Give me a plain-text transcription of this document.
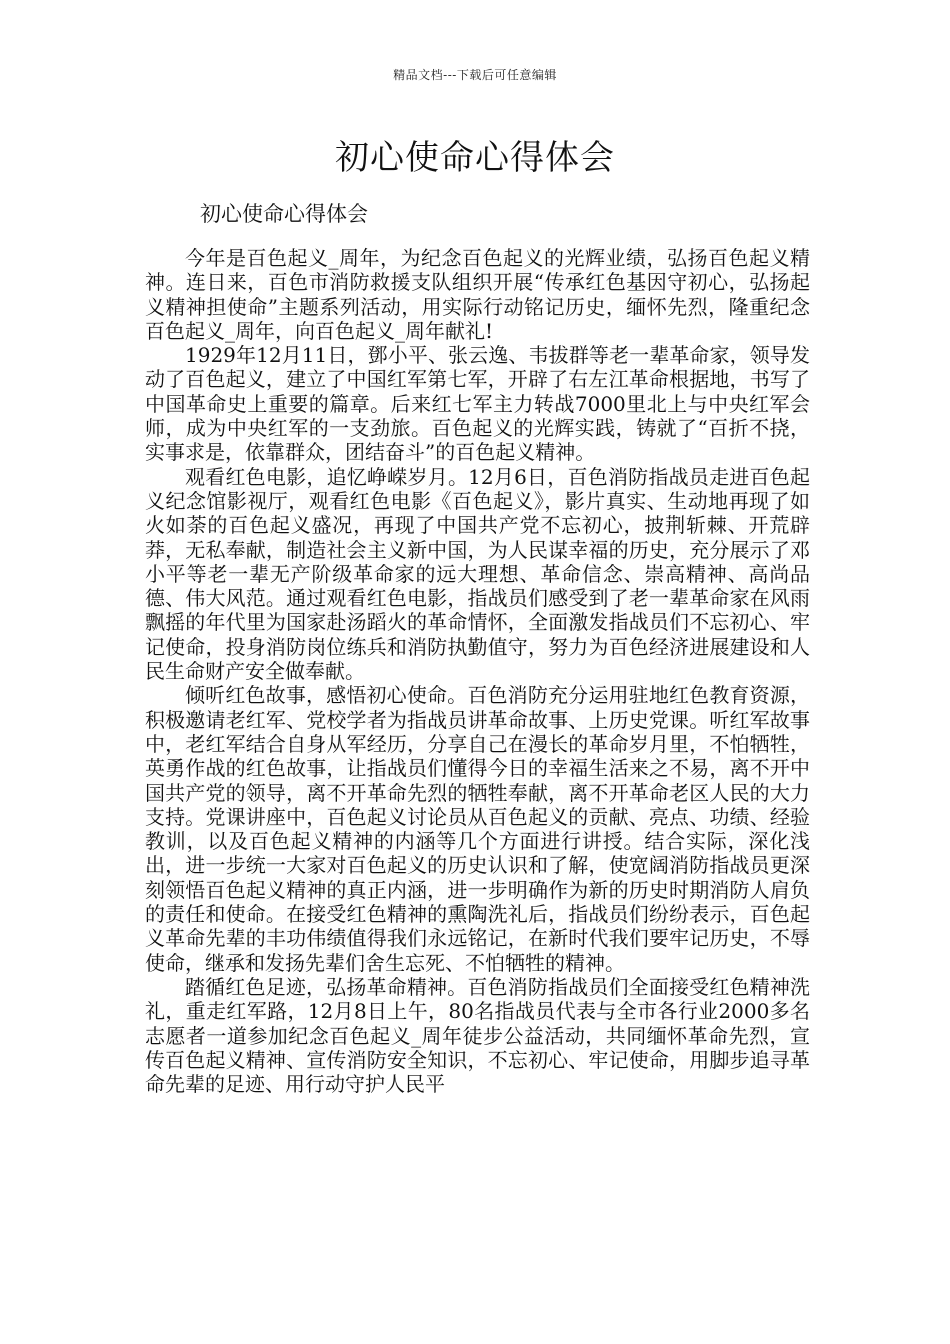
精品文档---下载后可任意编辑
初心使命心得体会

初心使命心得体会

今年是百色起义_周年，为纪念百色起义的光辉业绩，弘扬百色起义精神。连日来，百色市消防救援支队组织开展“传承红色基因守初心，弘扬起义精神担使命”主题系列活动，用实际行动铭记历史，缅怀先烈，隆重纪念百色起义_周年，向百色起义_周年献礼!

1929年12月11日，鄧小平、张云逸、韦拔群等老一辈革命家，领导发动了百色起义，建立了中国红军第七军，开辟了右左江革命根据地，书写了中国革命史上重要的篇章。后来红七军主力转战7000里北上与中央红军会师，成为中央红军的一支劲旅。百色起义的光辉实践，铸就了“百折不挠，实事求是，依靠群众，团结奋斗”的百色起义精神。

观看红色电影，追忆峥嵘岁月。12月6日，百色消防指战员走进百色起义纪念馆影视厅，观看红色电影《百色起义》，影片真实、生动地再现了如火如荼的百色起义盛况，再现了中国共产党不忘初心，披荆斩棘、开荒辟莽，无私奉献，制造社会主义新中国，为人民谋幸福的历史，充分展示了邓小平等老一辈无产阶级革命家的远大理想、革命信念、崇高精神、高尚品德、伟大风范。通过观看红色电影，指战员们感受到了老一辈革命家在风雨飘摇的年代里为国家赴汤蹈火的革命情怀，全面激发指战员们不忘初心、牢记使命，投身消防岗位练兵和消防执勤值守，努力为百色经济进展建设和人民生命财产安全做奉献。

倾听红色故事，感悟初心使命。百色消防充分运用驻地红色教育资源，积极邀请老红军、党校学者为指战员讲革命故事、上历史党课。听红军故事中，老红军结合自身从军经历，分享自己在漫长的革命岁月里，不怕牺牲，英勇作战的红色故事，让指战员们懂得今日的幸福生活来之不易，离不开中国共产党的领导，离不开革命先烈的牺牲奉献，离不开革命老区人民的大力支持。党课讲座中，百色起义讨论员从百色起义的贡献、亮点、功绩、经验教训，以及百色起义精神的内涵等几个方面进行讲授。结合实际，深化浅出，进一步统一大家对百色起义的历史认识和了解，使宽阔消防指战员更深刻领悟百色起义精神的真正内涵，进一步明确作为新的历史时期消防人肩负的责任和使命。在接受红色精神的熏陶洗礼后，指战员们纷纷表示，百色起义革命先辈的丰功伟绩值得我们永远铭记，在新时代我们要牢记历史，不辱使命，继承和发扬先辈们舍生忘死、不怕牺牲的精神。

踏循红色足迹，弘扬革命精神。百色消防指战员们全面接受红色精神洗礼，重走红军路，12月8日上午，80名指战员代表与全市各行业2000多名志愿者一道参加纪念百色起义_周年徒步公益活动，共同缅怀革命先烈，宣传百色起义精神、宣传消防安全知识，不忘初心、牢记使命，用脚步追寻革命先辈的足迹、用行动守护人民平
